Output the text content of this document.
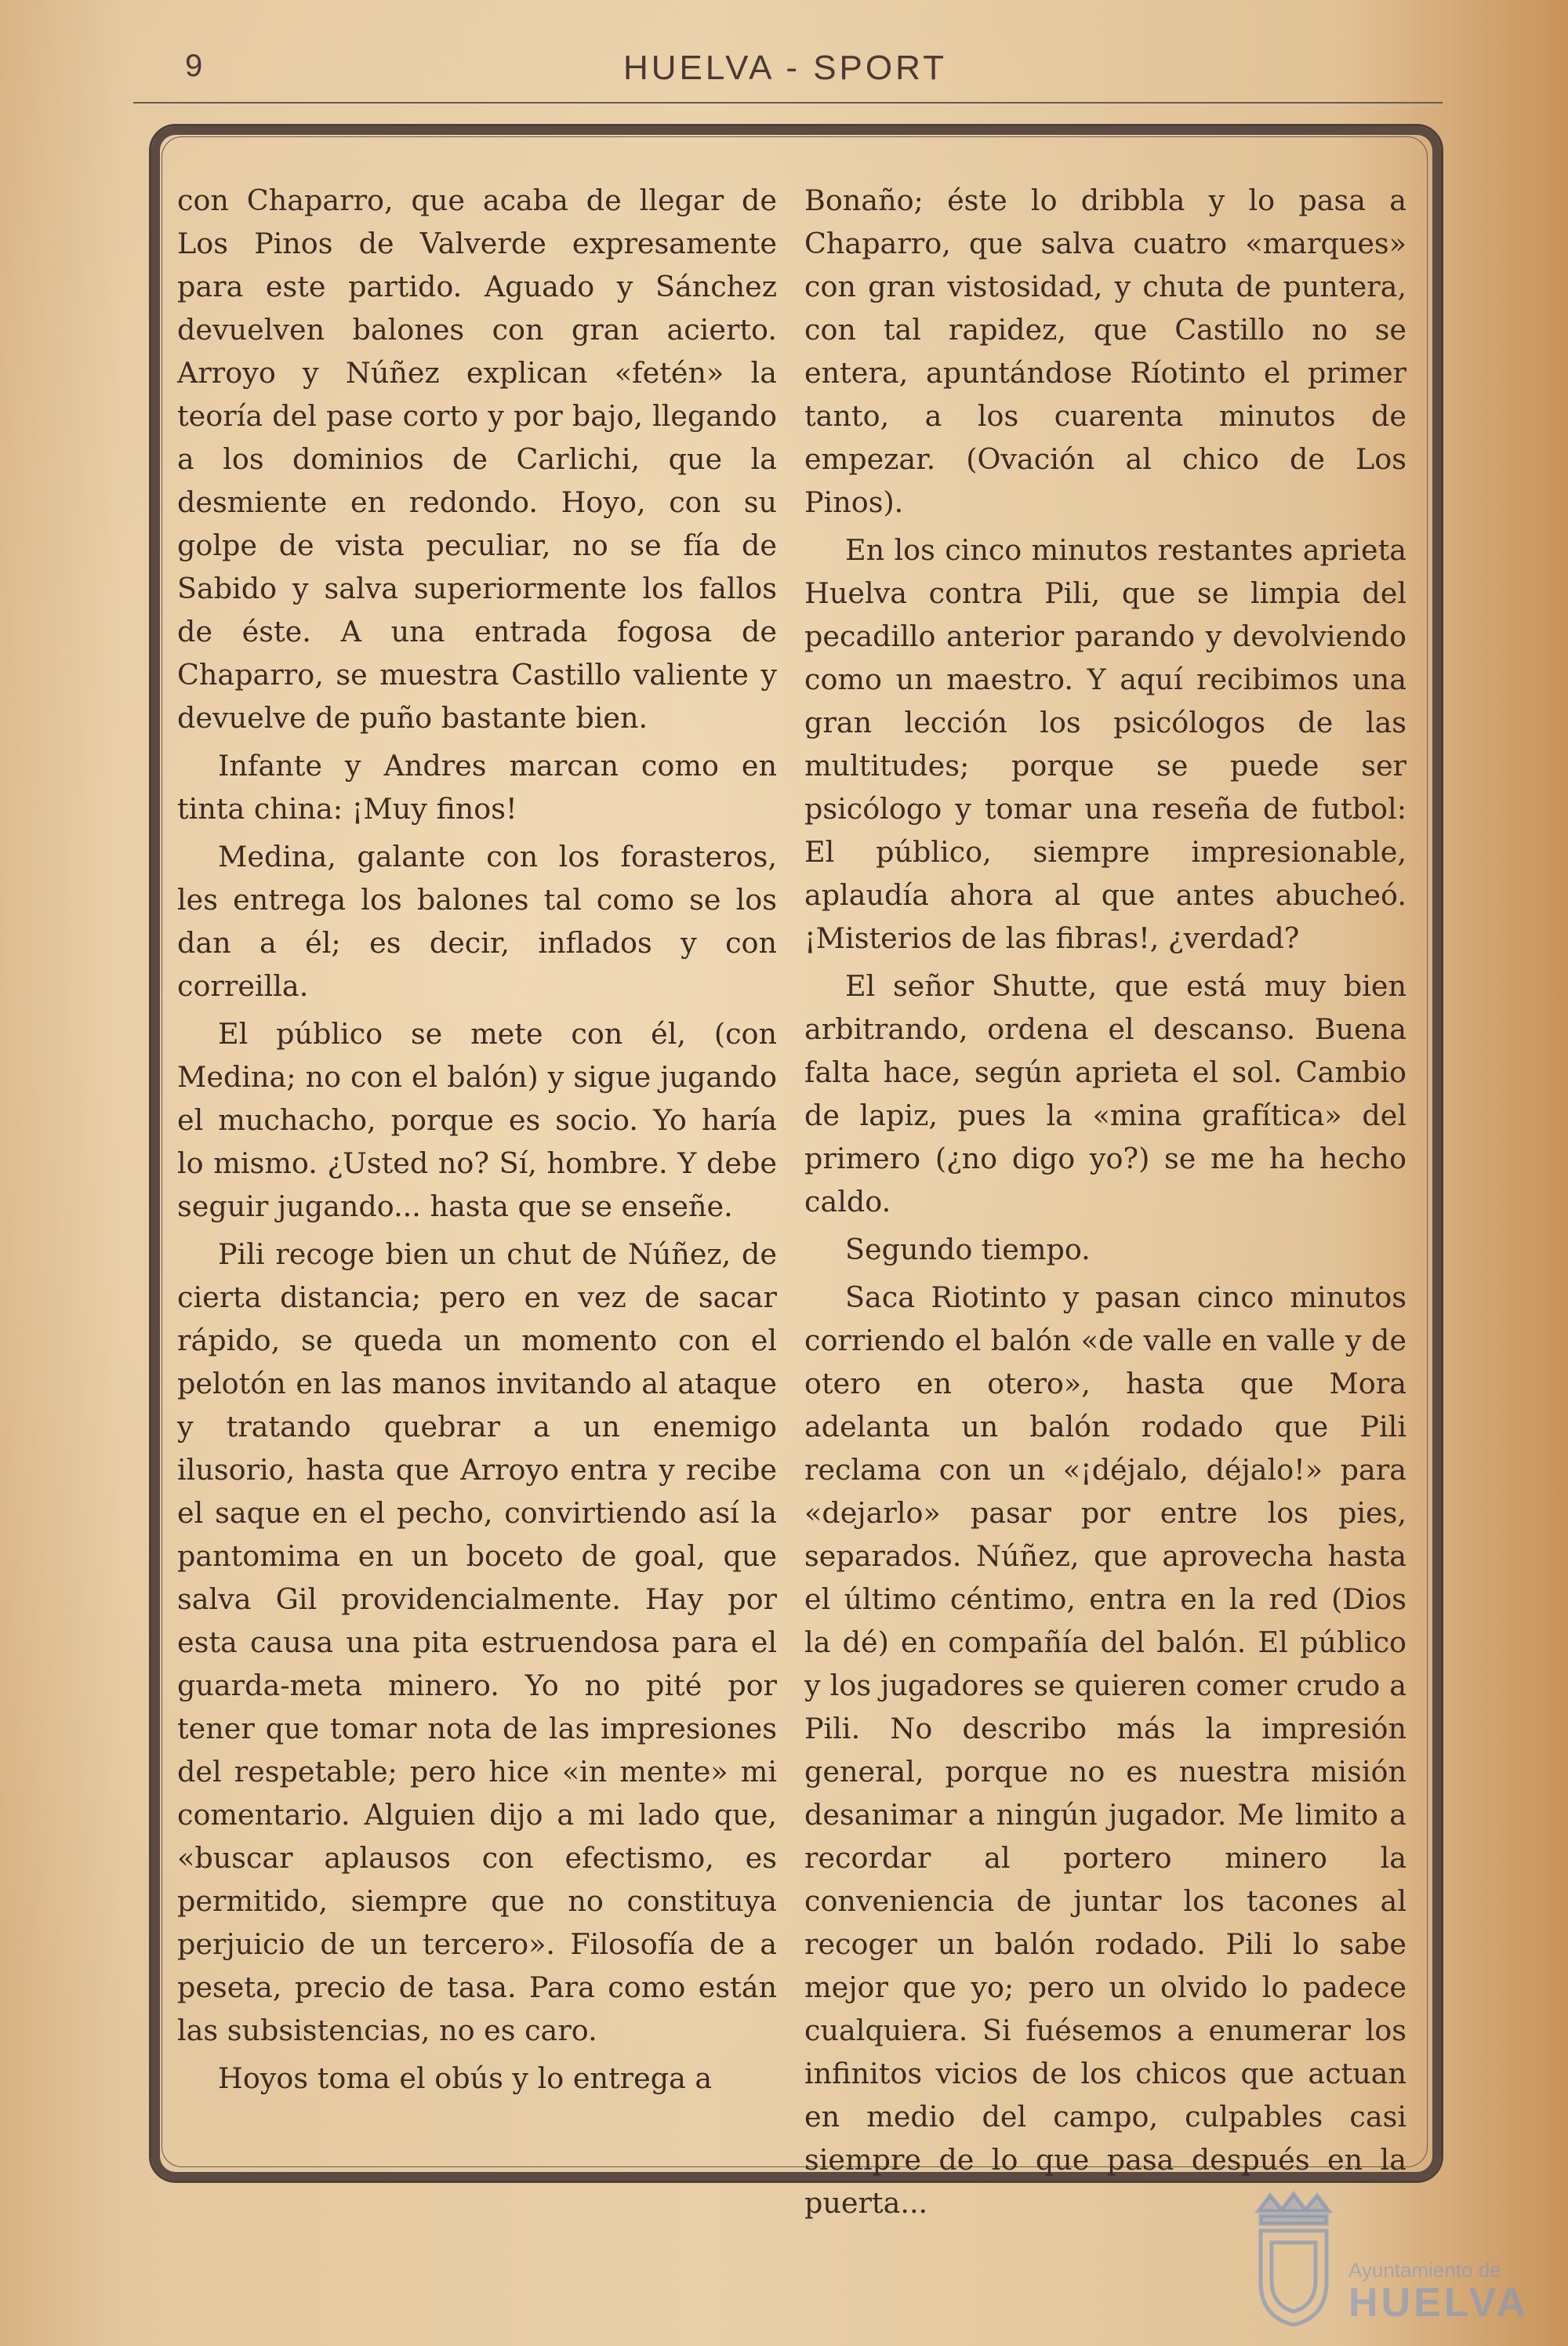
9	HUELVA - SPORT

con Chaparro, que acaba de llegar de Los Pinos de Valverde expresamente para este partido. Aguado y Sánchez devuelven balones con gran acierto. Arroyo y Núñez explican «fetén» la teoría del pase corto y por bajo, llegando a los dominios de Carlichi, que la desmiente en redondo. Hoyo, con su golpe de vista peculiar, no se fía de Sabido y salva superiormente los fallos de éste. A una entrada fogosa de Chaparro, se muestra Castillo valiente y devuelve de puño bastante bien.

Infante y Andres marcan como en tinta china: ¡Muy finos!

Medina, galante con los forasteros, les entrega los balones tal como se los dan a él; es decir, inflados y con correilla.

El público se mete con él, (con Medina; no con el balón) y sigue jugando el muchacho, porque es socio. Yo haría lo mismo. ¿Usted no? Sí, hombre. Y debe seguir jugando... hasta que se enseñe.

Pili recoge bien un chut de Núñez, de cierta distancia; pero en vez de sacar rápido, se queda un momento con el pelotón en las manos invitando al ataque y tratando quebrar a un enemigo ilusorio, hasta que Arroyo entra y recibe el saque en el pecho, convirtiendo así la pantomima en un boceto de goal, que salva Gil providencialmente. Hay por esta causa una pita estruendosa para el guarda-meta minero. Yo no pité por tener que tomar nota de las impresiones del respetable; pero hice «in mente» mi comentario. Alguien dijo a mi lado que, «buscar aplausos con efectismo, es permitido, siempre que no constituya perjuicio de un tercero». Filosofía de a peseta, precio de tasa. Para como están las subsistencias, no es caro.

Hoyos toma el obús y lo entrega a

Bonaño; éste lo dribbla y lo pasa a Chaparro, que salva cuatro «marques» con gran vistosidad, y chuta de puntera, con tal rapidez, que Castillo no se entera, apuntándose Ríotinto el primer tanto, a los cuarenta minutos de empezar. (Ovación al chico de Los Pinos).

En los cinco minutos restantes aprieta Huelva contra Pili, que se limpia del pecadillo anterior parando y devolviendo como un maestro. Y aquí recibimos una gran lección los psicólogos de las multitudes; porque se puede ser psicólogo y tomar una reseña de futbol: El público, siempre impresionable, aplaudía ahora al que antes abucheó. ¡Misterios de las fibras!, ¿verdad?

El señor Shutte, que está muy bien arbitrando, ordena el descanso. Buena falta hace, según aprieta el sol. Cambio de lapiz, pues la «mina grafítica» del primero (¿no digo yo?) se me ha hecho caldo.

Segundo tiempo.

Saca Riotinto y pasan cinco minutos corriendo el balón «de valle en valle y de otero en otero», hasta que Mora adelanta un balón rodado que Pili reclama con un «¡déjalo, déjalo!» para «dejarlo» pasar por entre los pies, separados. Núñez, que aprovecha hasta el último céntimo, entra en la red (Dios la dé) en compañía del balón. El público y los jugadores se quieren comer crudo a Pili. No describo más la impresión general, porque no es nuestra misión desanimar a ningún jugador. Me limito a recordar al portero minero la conveniencia de juntar los tacones al recoger un balón rodado. Pili lo sabe mejor que yo; pero un olvido lo padece cualquiera. Si fuésemos a enumerar los infinitos vicios de los chicos que actuan en medio del campo, culpables casi siempre de lo que pasa después en la puerta...

Ayuntamiento de
HUELVA
